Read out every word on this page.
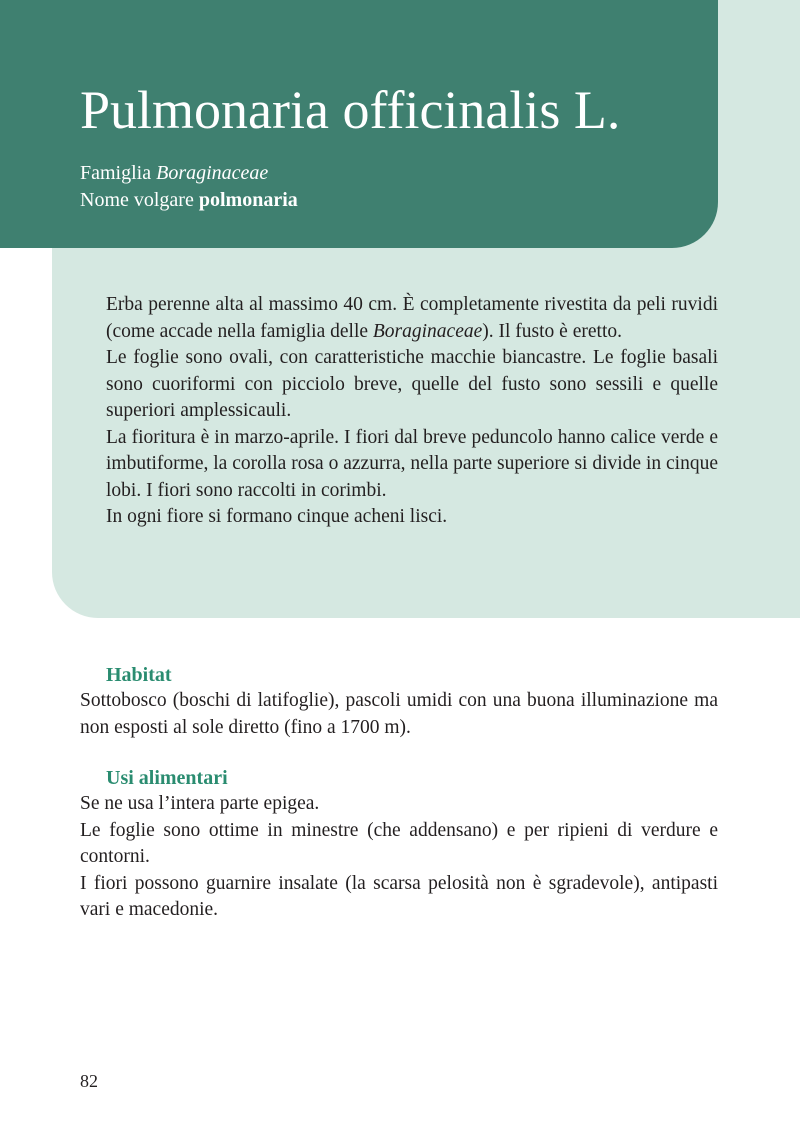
Pulmonaria officinalis L.
Famiglia Boraginaceae
Nome volgare polmonaria

Erba perenne alta al massimo 40 cm. È completamente rivestita da peli ruvidi (come accade nella famiglia delle Boraginaceae). Il fusto è eretto.

Le foglie sono ovali, con caratteristiche macchie biancastre. Le foglie basali sono cuoriformi con picciolo breve, quelle del fusto sono sessili e quelle superiori amplessicauli.

La fioritura è in marzo-aprile. I fiori dal breve peduncolo hanno calice verde e imbutiforme, la corolla rosa o azzurra, nella parte superiore si divide in cinque lobi. I fiori sono raccolti in corimbi.

In ogni fiore si formano cinque acheni lisci.

Habitat

Sottobosco (boschi di latifoglie), pascoli umidi con una buona illuminazione ma non esposti al sole diretto (fino a 1700 m).

Usi alimentari

Se ne usa l’intera parte epigea.

Le foglie sono ottime in minestre (che addensano) e per ripieni di verdure e contorni.

I fiori possono guarnire insalate (la scarsa pelosità non è sgradevole), antipasti vari e macedonie.

82
